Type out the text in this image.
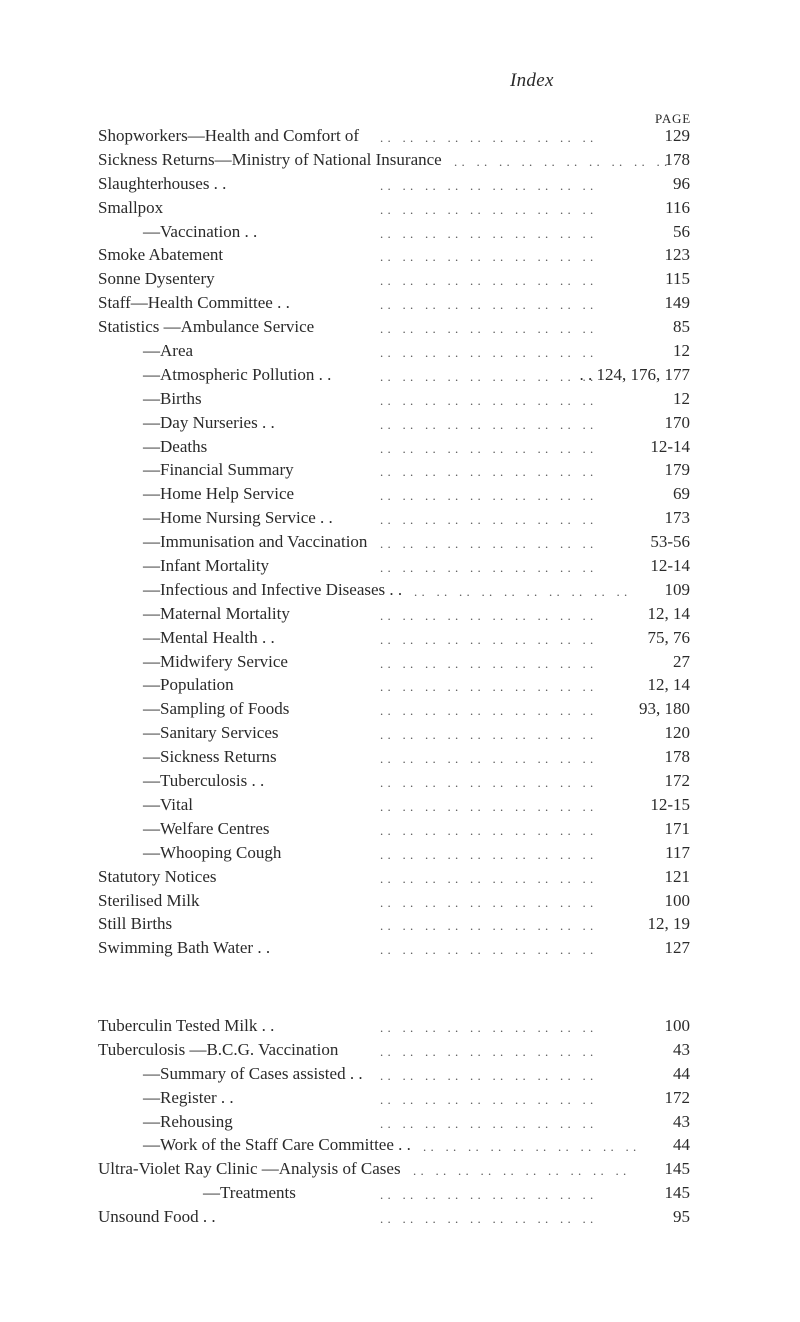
Index
PAGE
Shopworkers—Health and Comfort of	129
. .   . .   . .   . .   . .   . .   . .   . .   . .   . .
Sickness Returns—Ministry of National Insurance	178
. .   . .   . .   . .   . .   . .   . .   . .   . .   . .
Slaughterhouses . .	96
. .   . .   . .   . .   . .   . .   . .   . .   . .   . .
Smallpox	116
. .   . .   . .   . .   . .   . .   . .   . .   . .   . .
—Vaccination . .	56
. .   . .   . .   . .   . .   . .   . .   . .   . .   . .
Smoke Abatement	123
. .   . .   . .   . .   . .   . .   . .   . .   . .   . .
Sonne Dysentery	115
. .   . .   . .   . .   . .   . .   . .   . .   . .   . .
Staff—Health Committee . .	149
. .   . .   . .   . .   . .   . .   . .   . .   . .   . .
Statistics —Ambulance Service	85
. .   . .   . .   . .   . .   . .   . .   . .   . .   . .
—Area	12
. .   . .   . .   . .   . .   . .   . .   . .   . .   . .
—Atmospheric Pollution . .	. . 124, 176, 177
. .   . .   . .   . .   . .   . .   . .   . .   . .   . .
—Births	12
. .   . .   . .   . .   . .   . .   . .   . .   . .   . .
—Day Nurseries . .	170
. .   . .   . .   . .   . .   . .   . .   . .   . .   . .
—Deaths	12-14
. .   . .   . .   . .   . .   . .   . .   . .   . .   . .
—Financial Summary	179
. .   . .   . .   . .   . .   . .   . .   . .   . .   . .
—Home Help Service	69
. .   . .   . .   . .   . .   . .   . .   . .   . .   . .
—Home Nursing Service . .	173
. .   . .   . .   . .   . .   . .   . .   . .   . .   . .
—Immunisation and Vaccination	53-56
. .   . .   . .   . .   . .   . .   . .   . .   . .   . .
—Infant Mortality	12-14
. .   . .   . .   . .   . .   . .   . .   . .   . .   . .
—Infectious and Infective Diseases . .	109
. .   . .   . .   . .   . .   . .   . .   . .   . .   . .
—Maternal Mortality	12, 14
. .   . .   . .   . .   . .   . .   . .   . .   . .   . .
—Mental Health . .	75, 76
. .   . .   . .   . .   . .   . .   . .   . .   . .   . .
—Midwifery Service	27
. .   . .   . .   . .   . .   . .   . .   . .   . .   . .
—Population	12, 14
. .   . .   . .   . .   . .   . .   . .   . .   . .   . .
—Sampling of Foods	93, 180
. .   . .   . .   . .   . .   . .   . .   . .   . .   . .
—Sanitary Services	120
. .   . .   . .   . .   . .   . .   . .   . .   . .   . .
—Sickness Returns	178
. .   . .   . .   . .   . .   . .   . .   . .   . .   . .
—Tuberculosis . .	172
. .   . .   . .   . .   . .   . .   . .   . .   . .   . .
—Vital	12-15
. .   . .   . .   . .   . .   . .   . .   . .   . .   . .
—Welfare Centres	171
. .   . .   . .   . .   . .   . .   . .   . .   . .   . .
—Whooping Cough	117
. .   . .   . .   . .   . .   . .   . .   . .   . .   . .
Statutory Notices	121
. .   . .   . .   . .   . .   . .   . .   . .   . .   . .
Sterilised Milk	100
. .   . .   . .   . .   . .   . .   . .   . .   . .   . .
Still Births	12, 19
. .   . .   . .   . .   . .   . .   . .   . .   . .   . .
Swimming Bath Water . .	127
. .   . .   . .   . .   . .   . .   . .   . .   . .   . .
Tuberculin Tested Milk . .	100
. .   . .   . .   . .   . .   . .   . .   . .   . .   . .
Tuberculosis —B.C.G. Vaccination	43
. .   . .   . .   . .   . .   . .   . .   . .   . .   . .
—Summary of Cases assisted . .	44
. .   . .   . .   . .   . .   . .   . .   . .   . .   . .
—Register . .	172
. .   . .   . .   . .   . .   . .   . .   . .   . .   . .
—Rehousing	43
. .   . .   . .   . .   . .   . .   . .   . .   . .   . .
—Work of the Staff Care Committee . .	44
. .   . .   . .   . .   . .   . .   . .   . .   . .   . .
Ultra-Violet Ray Clinic —Analysis of Cases	145
. .   . .   . .   . .   . .   . .   . .   . .   . .   . .
—Treatments	145
. .   . .   . .   . .   . .   . .   . .   . .   . .   . .
Unsound Food . .	95
. .   . .   . .   . .   . .   . .   . .   . .   . .   . .
